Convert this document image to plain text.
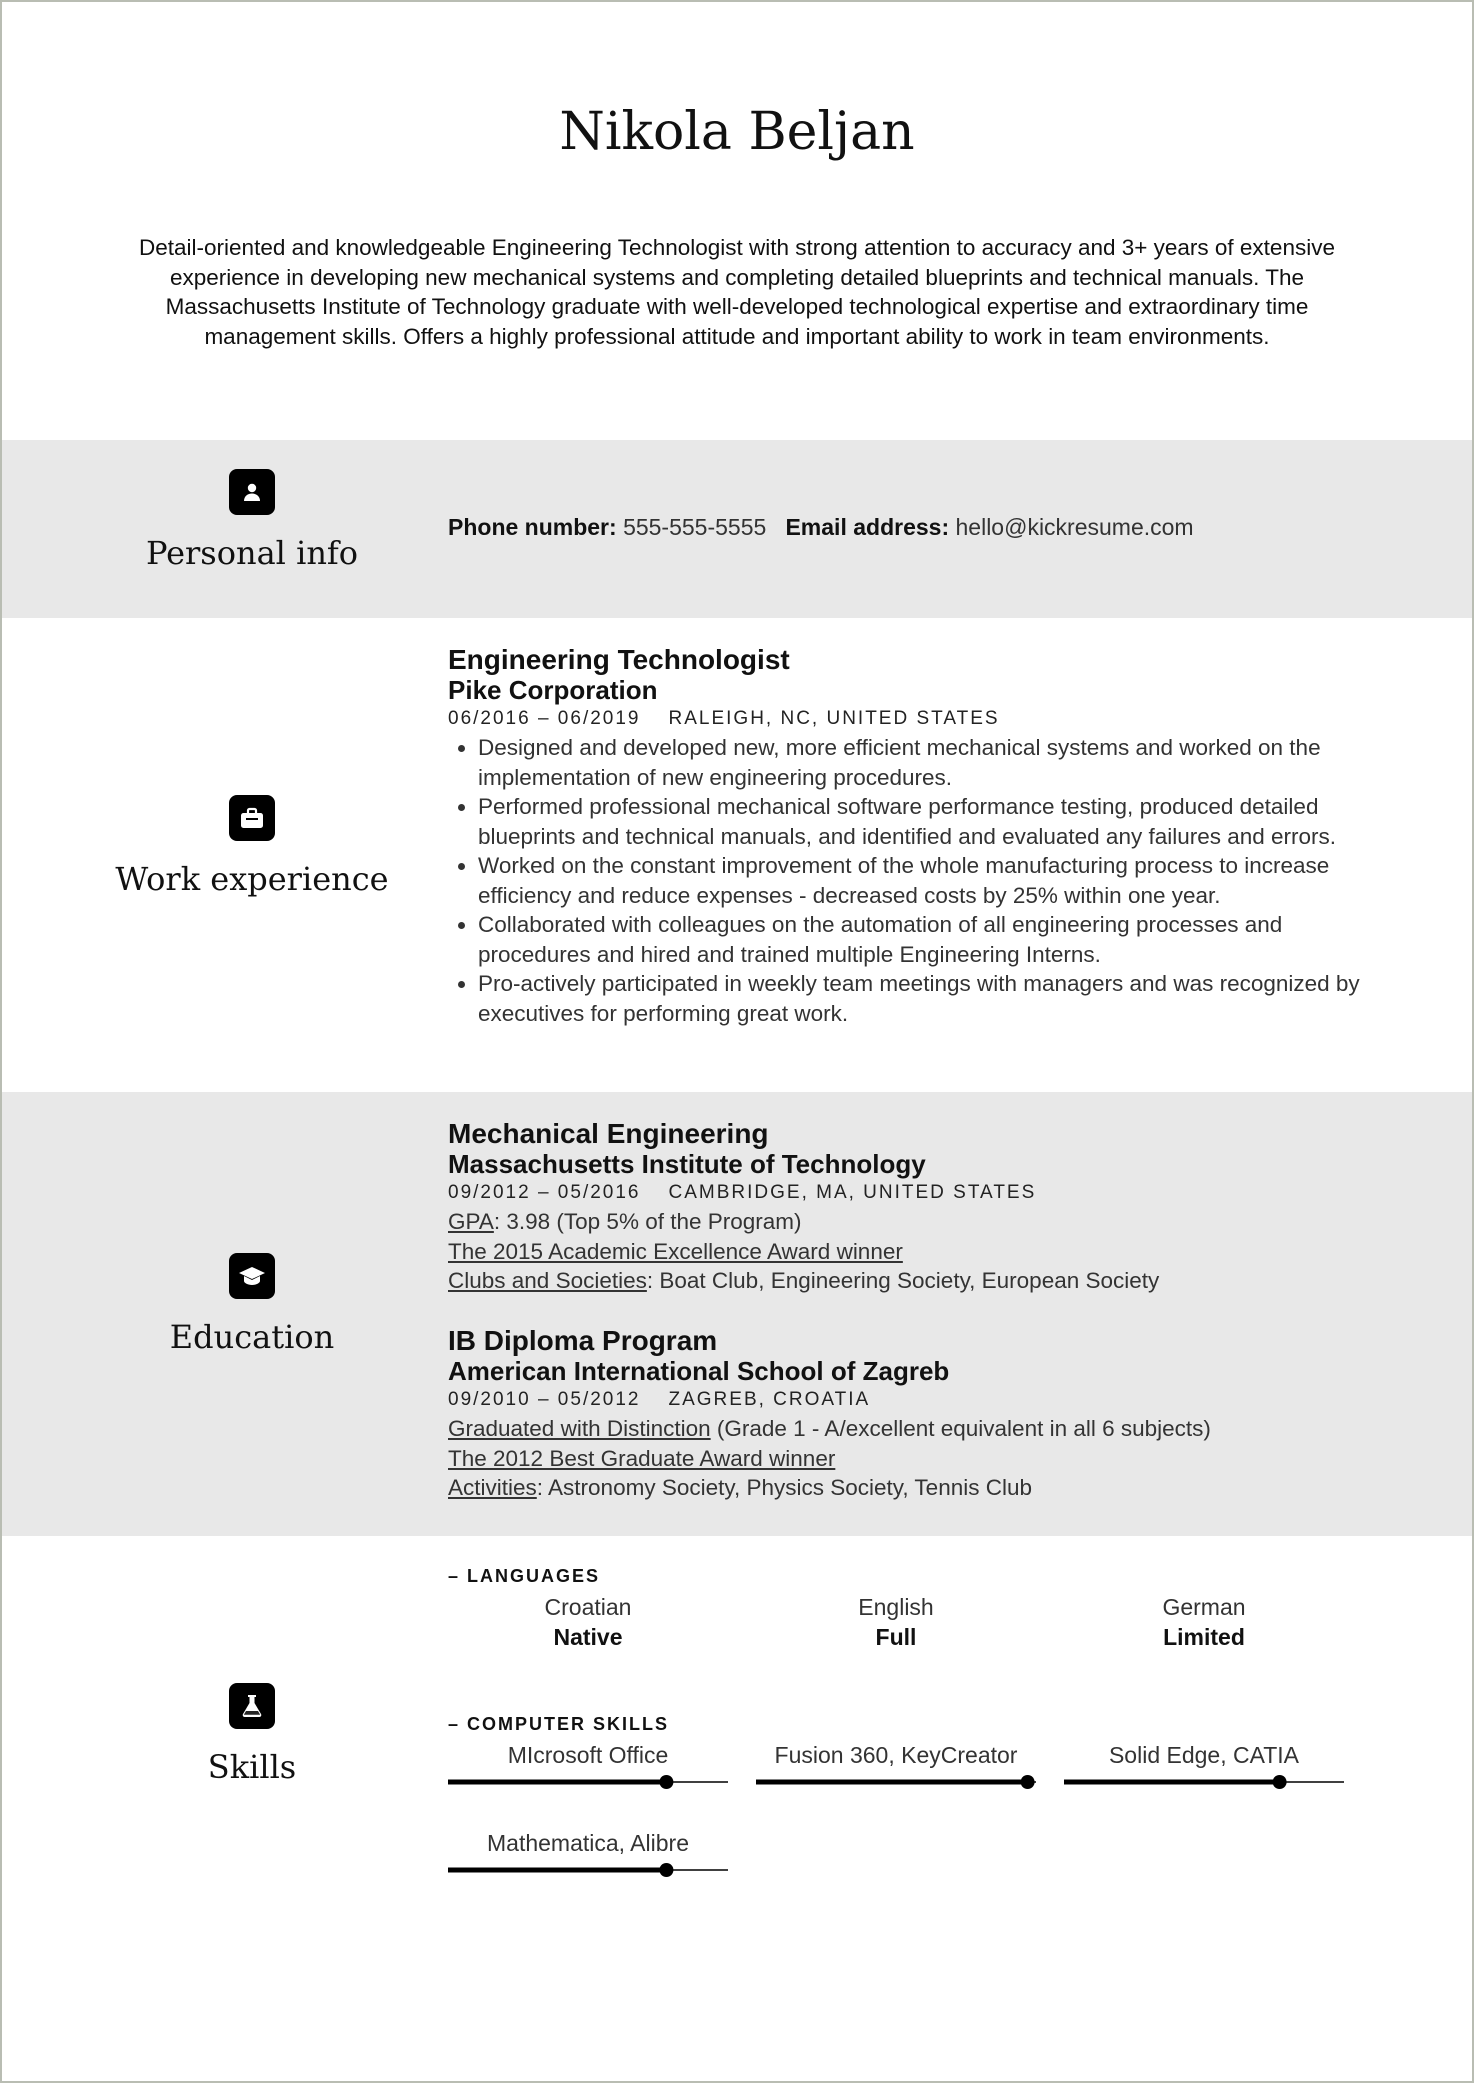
Nikola Beljan
Detail-oriented and knowledgeable Engineering Technologist with strong attention to accuracy and 3+ years of extensive experience in developing new mechanical systems and completing detailed blueprints and technical manuals. The Massachusetts Institute of Technology graduate with well-developed technological expertise and extraordinary time management skills. Offers a highly professional attitude and important ability to work in team environments.
Personal info
Phone number: 555-555-5555 Email address: hello@kickresume.com
Work experience
Engineering Technologist
Pike Corporation
06/2016 – 06/2019 RALEIGH, NC, UNITED STATES
• Designed and developed new, more efficient mechanical systems and worked on the implementation of new engineering procedures.
• Performed professional mechanical software performance testing, produced detailed blueprints and technical manuals, and identified and evaluated any failures and errors.
• Worked on the constant improvement of the whole manufacturing process to increase efficiency and reduce expenses - decreased costs by 25% within one year.
• Collaborated with colleagues on the automation of all engineering processes and procedures and hired and trained multiple Engineering Interns.
• Pro-actively participated in weekly team meetings with managers and was recognized by executives for performing great work.
Education
Mechanical Engineering
Massachusetts Institute of Technology
09/2012 – 05/2016 CAMBRIDGE, MA, UNITED STATES
GPA: 3.98 (Top 5% of the Program)
The 2015 Academic Excellence Award winner
Clubs and Societies: Boat Club, Engineering Society, European Society
IB Diploma Program
American International School of Zagreb
09/2010 – 05/2012 ZAGREB, CROATIA
Graduated with Distinction (Grade 1 - A/excellent equivalent in all 6 subjects)
The 2012 Best Graduate Award winner
Activities: Astronomy Society, Physics Society, Tennis Club
Skills
– LANGUAGES
Croatian
Native
English
Full
German
Limited
– COMPUTER SKILLS
MIcrosoft Office	Fusion 360, KeyCreator	Solid Edge, CATIA
Mathematica, Alibre
